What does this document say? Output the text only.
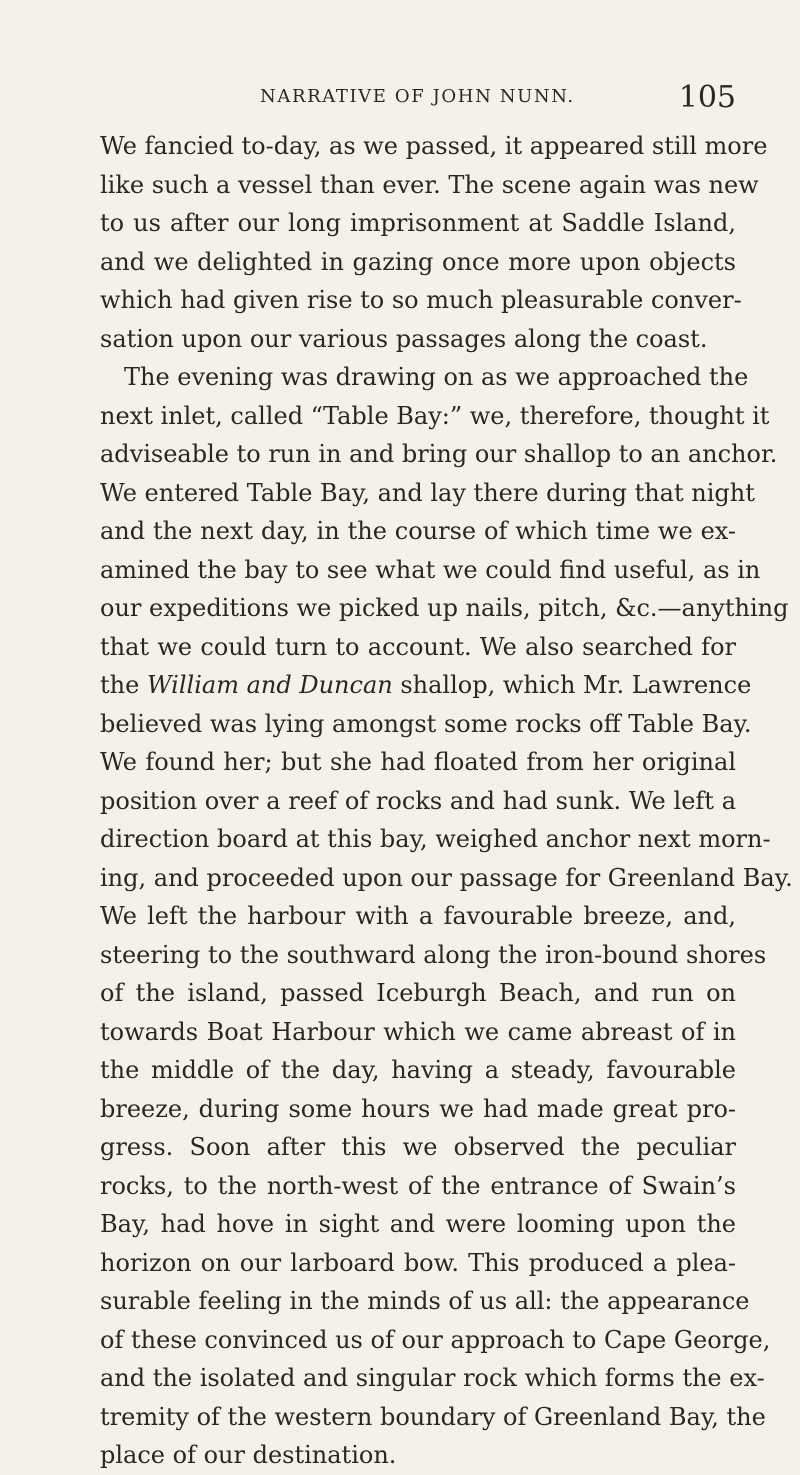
NARRATIVE OF JOHN NUNN.	105
We fancied to-day, as we passed, it appeared still more
like such a vessel than ever. The scene again was new
to us after our long imprisonment at Saddle Island,
and we delighted in gazing once more upon objects
which had given rise to so much pleasurable conver-
sation upon our various passages along the coast.
The evening was drawing on as we approached the
next inlet, called “Table Bay:” we, therefore, thought it
adviseable to run in and bring our shallop to an anchor.
We entered Table Bay, and lay there during that night
and the next day, in the course of which time we ex-
amined the bay to see what we could find useful, as in
our expeditions we picked up nails, pitch, &c.—anything
that we could turn to account. We also searched for
the William and Duncan shallop, which Mr. Lawrence
believed was lying amongst some rocks off Table Bay.
We found her; but she had floated from her original
position over a reef of rocks and had sunk. We left a
direction board at this bay, weighed anchor next morn-
ing, and proceeded upon our passage for Greenland Bay.
We left the harbour with a favourable breeze, and,
steering to the southward along the iron-bound shores
of the island, passed Iceburgh Beach, and run on
towards Boat Harbour which we came abreast of in
the middle of the day, having a steady, favourable
breeze, during some hours we had made great pro-
gress. Soon after this we observed the peculiar
rocks, to the north-west of the entrance of Swain’s
Bay, had hove in sight and were looming upon the
horizon on our larboard bow. This produced a plea-
surable feeling in the minds of us all: the appearance
of these convinced us of our approach to Cape George,
and the isolated and singular rock which forms the ex-
tremity of the western boundary of Greenland Bay, the
place of our destination.
